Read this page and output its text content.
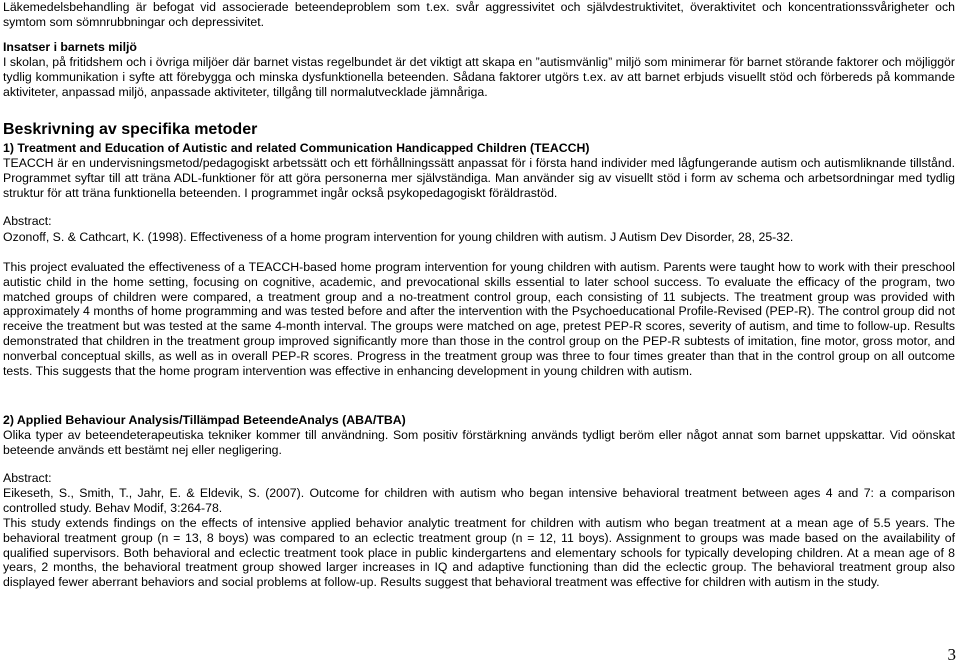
Läkemedelsbehandling är befogat vid associerade beteendeproblem som t.ex. svår aggressivitet och självdestruktivitet, överaktivitet och koncentrationssvårigheter och symtom som sömnrubbningar och depressivitet.

Insatser i barnets miljö

I skolan, på fritidshem och i övriga miljöer där barnet vistas regelbundet är det viktigt att skapa en ”autismvänlig” miljö som minimerar för barnet störande faktorer och möjliggör tydlig kommunikation i syfte att förebygga och minska dysfunktionella beteenden. Sådana faktorer utgörs t.ex. av att barnet erbjuds visuellt stöd och förbereds på kommande aktiviteter, anpassad miljö, anpassade aktiviteter, tillgång till normalutvecklade jämnåriga.

Beskrivning av specifika metoder

1) Treatment and Education of Autistic and related Communication Handicapped Children (TEACCH)

TEACCH är en undervisningsmetod/pedagogiskt arbetssätt och ett förhållningssätt anpassat för i första hand individer med lågfungerande autism och autismliknande tillstånd. Programmet syftar till att träna ADL-funktioner för att göra personerna mer självständiga. Man använder sig av visuellt stöd i form av schema och arbetsordningar med tydlig struktur för att träna funktionella beteenden. I programmet ingår också psykopedagogiskt föräldrastöd.

Abstract:

Ozonoff, S. & Cathcart, K. (1998). Effectiveness of a home program intervention for young children with autism. J Autism Dev Disorder, 28, 25-32.

This project evaluated the effectiveness of a TEACCH-based home program intervention for young children with autism. Parents were taught how to work with their preschool autistic child in the home setting, focusing on cognitive, academic, and prevocational skills essential to later school success. To evaluate the efficacy of the program, two matched groups of children were compared, a treatment group and a no-treatment control group, each consisting of 11 subjects. The treatment group was provided with approximately 4 months of home programming and was tested before and after the intervention with the Psychoeducational Profile-Revised (PEP-R). The control group did not receive the treatment but was tested at the same 4-month interval. The groups were matched on age, pretest PEP-R scores, severity of autism, and time to follow-up. Results demonstrated that children in the treatment group improved significantly more than those in the control group on the PEP-R subtests of imitation, fine motor, gross motor, and nonverbal conceptual skills, as well as in overall PEP-R scores. Progress in the treatment group was three to four times greater than that in the control group on all outcome tests. This suggests that the home program intervention was effective in enhancing development in young children with autism.

2) Applied Behaviour Analysis/Tillämpad BeteendeAnalys (ABA/TBA)

Olika typer av beteendeterapeutiska tekniker kommer till användning. Som positiv förstärkning används tydligt beröm eller något annat som barnet uppskattar. Vid oönskat beteende används ett bestämt nej eller negligering.

Abstract:

Eikeseth, S., Smith, T., Jahr, E. & Eldevik, S. (2007). Outcome for children with autism who began intensive behavioral treatment between ages 4 and 7: a comparison controlled study. Behav Modif, 3:264-78.

This study extends findings on the effects of intensive applied behavior analytic treatment for children with autism who began treatment at a mean age of 5.5 years. The behavioral treatment group (n = 13, 8 boys) was compared to an eclectic treatment group (n = 12, 11 boys). Assignment to groups was made based on the availability of qualified supervisors. Both behavioral and eclectic treatment took place in public kindergartens and elementary schools for typically developing children. At a mean age of 8 years, 2 months, the behavioral treatment group showed larger increases in IQ and adaptive functioning than did the eclectic group. The behavioral treatment group also displayed fewer aberrant behaviors and social problems at follow-up. Results suggest that behavioral treatment was effective for children with autism in the study.

3
